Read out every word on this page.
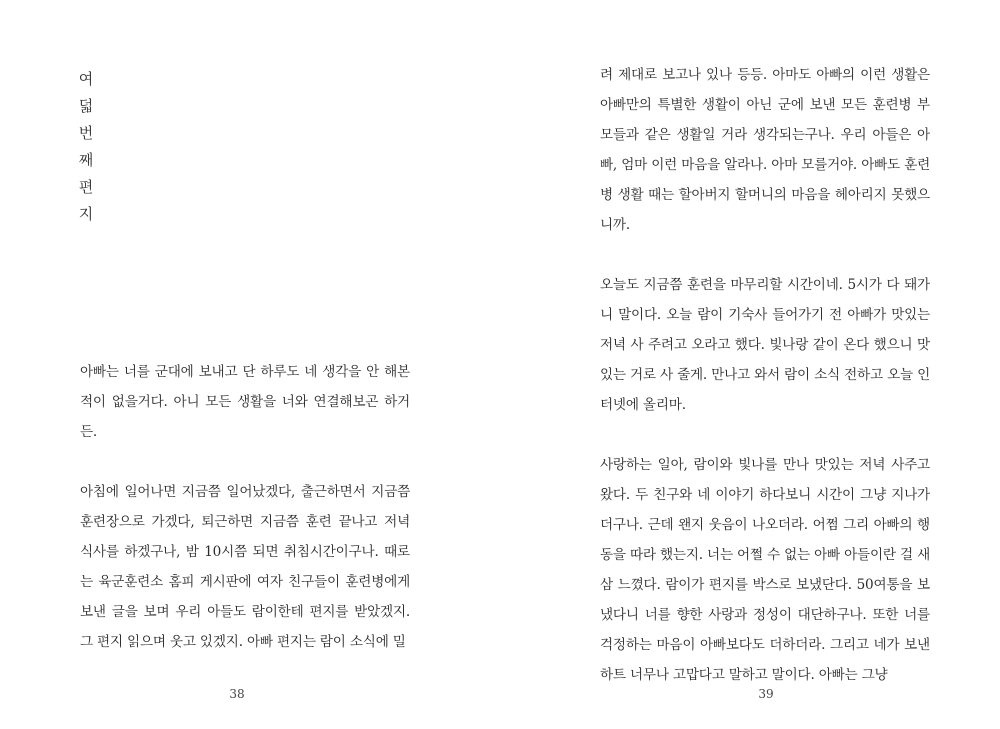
여
덟
번
째
편
지

아빠는 너를 군대에 보내고 단 하루도 네 생각을 안 해본 적이 없을거다. 아니 모든 생활을 너와 연결해보곤 하거든.

아침에 일어나면 지금쯤 일어났겠다, 출근하면서 지금쯤 훈련장으로 가겠다, 퇴근하면 지금쯤 훈련 끝나고 저녁 식사를 하겠구나, 밤 10시쯤 되면 취침시간이구나. 때로는 육군훈련소 홈피 게시판에 여자 친구들이 훈련병에게 보낸 글을 보며 우리 아들도 람이한테 편지를 받았겠지. 그 편지 읽으며 웃고 있겠지. 아빠 편지는 람이 소식에 밀

38

려 제대로 보고나 있나 등등. 아마도 아빠의 이런 생활은 아빠만의 특별한 생활이 아닌 군에 보낸 모든 훈련병 부모들과 같은 생활일 거라 생각되는구나. 우리 아들은 아빠, 엄마 이런 마음을 알라나. 아마 모를거야. 아빠도 훈련병 생활 때는 할아버지 할머니의 마음을 헤아리지 못했으니까.

오늘도 지금쯤 훈련을 마무리할 시간이네. 5시가 다 돼가니 말이다. 오늘 람이 기숙사 들어가기 전 아빠가 맛있는 저녁 사 주려고 오라고 했다. 빛나랑 같이 온다 했으니 맛있는 거로 사 줄게. 만나고 와서 람이 소식 전하고 오늘 인터넷에 올리마.

사랑하는 일아, 람이와 빛나를 만나 맛있는 저녁 사주고 왔다. 두 친구와 네 이야기 하다보니 시간이 그냥 지나가더구나. 근데 왠지 웃음이 나오더라. 어쩜 그리 아빠의 행동을 따라 했는지. 너는 어쩔 수 없는 아빠 아들이란 걸 새삼 느꼈다. 람이가 편지를 박스로 보냈단다. 50여통을 보냈다니 너를 향한 사랑과 정성이 대단하구나. 또한 너를 걱정하는 마음이 아빠보다도 더하더라. 그리고 네가 보낸 하트 너무나 고맙다고 말하고 말이다. 아빠는 그냥

39
